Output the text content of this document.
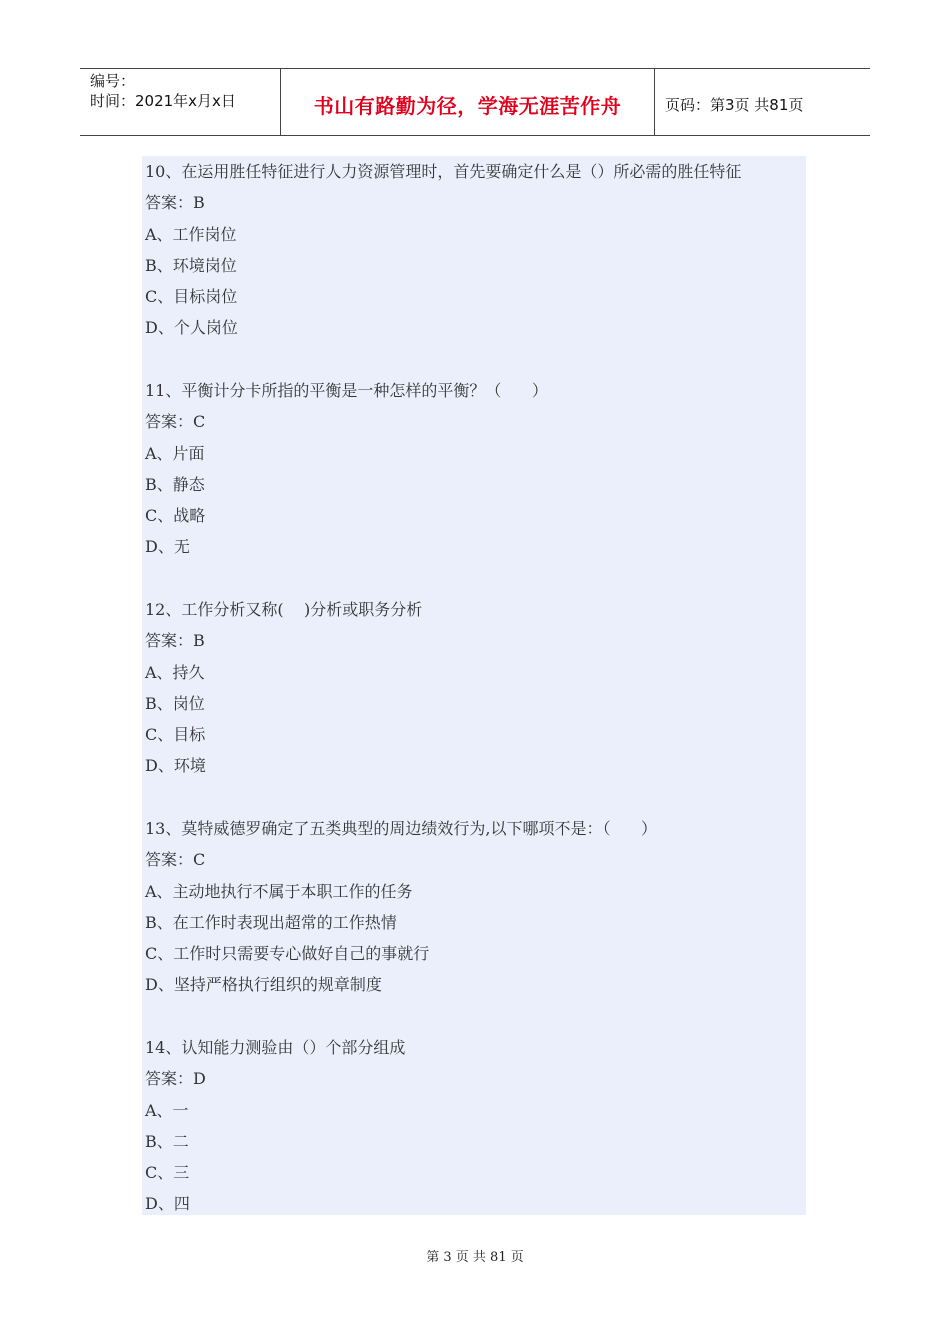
编号：
时间：2021年x月x日	书山有路勤为径，学海无涯苦作舟	页码：第3页 共81页
10、在运用胜任特征进行人力资源管理时，首先要确定什么是（）所必需的胜任特征
答案：B
A、工作岗位
B、环境岗位
C、目标岗位
D、个人岗位
11、平衡计分卡所指的平衡是一种怎样的平衡？（      ）
答案：C
A、片面
B、静态
C、战略
D、无
12、工作分析又称(    )分析或职务分析
答案：B
A、持久
B、岗位
C、目标
D、环境
13、莫特威德罗确定了五类典型的周边绩效行为,以下哪项不是：（      ）
答案：C
A、主动地执行不属于本职工作的任务
B、在工作时表现出超常的工作热情
C、工作时只需要专心做好自己的事就行
D、坚持严格执行组织的规章制度
14、认知能力测验由（）个部分组成
答案：D
A、一
B、二
C、三
D、四
第 3 页 共 81 页
